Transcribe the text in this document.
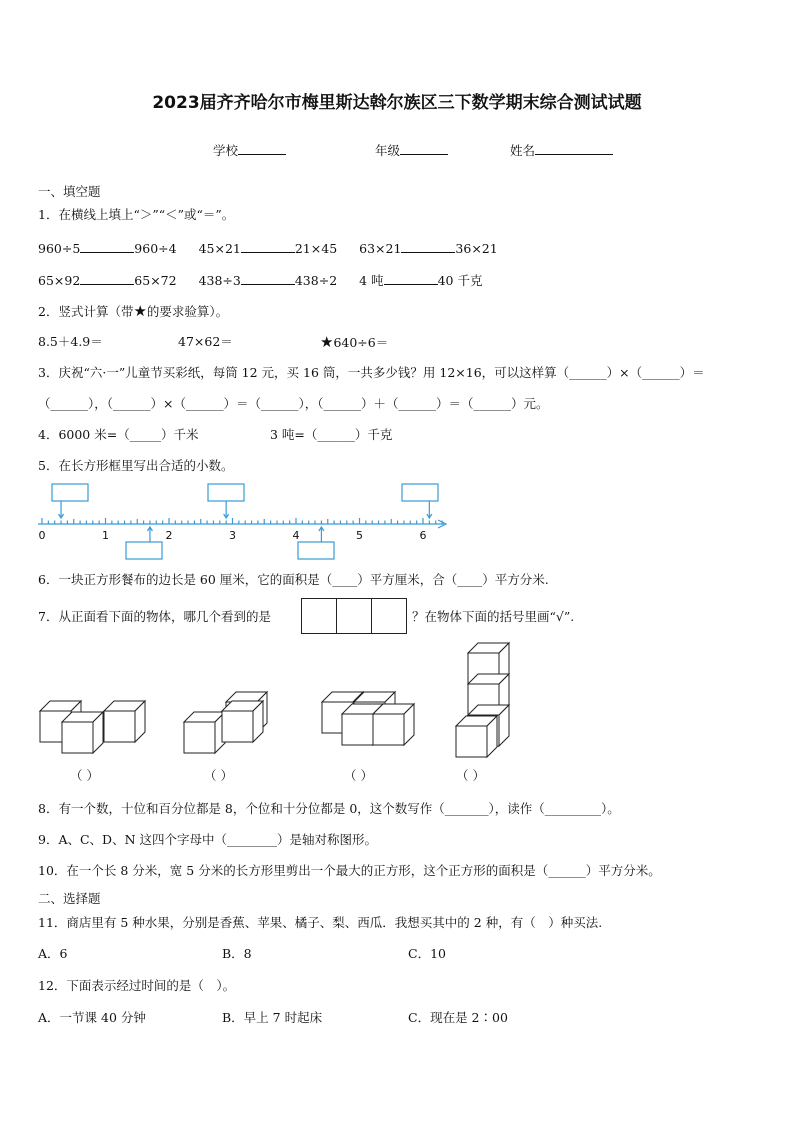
2023届齐齐哈尔市梅里斯达斡尔族区三下数学期末综合测试试题
学校	年级	姓名
一、填空题
1．在横线上填上“＞”“＜”或“＝”。
960÷5	960÷4 45×21	21×45 63×21	36×21
65×92	65×72 438÷3	438÷2 4 吨	40 千克
2．竖式计算（带★的要求验算）。
8.5＋4.9＝	47×62＝	★640÷6＝
3．庆祝“六·一”儿童节买彩纸，每筒 12 元，买 16 筒，一共多少钱？用 12×16，可以这样算（______）×（______）＝
（______），（______）×（______）＝（______），（______）＋（______）＝（______）元。
4．6000 米=（_____）千米	3 吨=（______）千克
5．在长方形框里写出合适的小数。
0	1	2	3	4	5	6
6．一块正方形餐布的边长是 60 厘米，它的面积是（____）平方厘米，合（____）平方分米.
7．从正面看下面的物体，哪几个看到的是	？在物体下面的括号里画“√”.
（ ）	（ ）	（ ）	（ ）
8．有一个数，十位和百分位都是 8，个位和十分位都是 0，这个数写作（_______），读作（_________）。
9．A、C、D、N 这四个字母中（________）是轴对称图形。
10．在一个长 8 分米，宽 5 分米的长方形里剪出一个最大的正方形，这个正方形的面积是（______）平方分米。
二、选择题
11．商店里有 5 种水果，分别是香蕉、苹果、橘子、梨、西瓜．我想买其中的 2 种，有（　）种买法.
A．6	B．8	C．10
12．下面表示经过时间的是（　）。
A．一节课 40 分钟	B．早上 7 时起床	C．现在是 2∶00
